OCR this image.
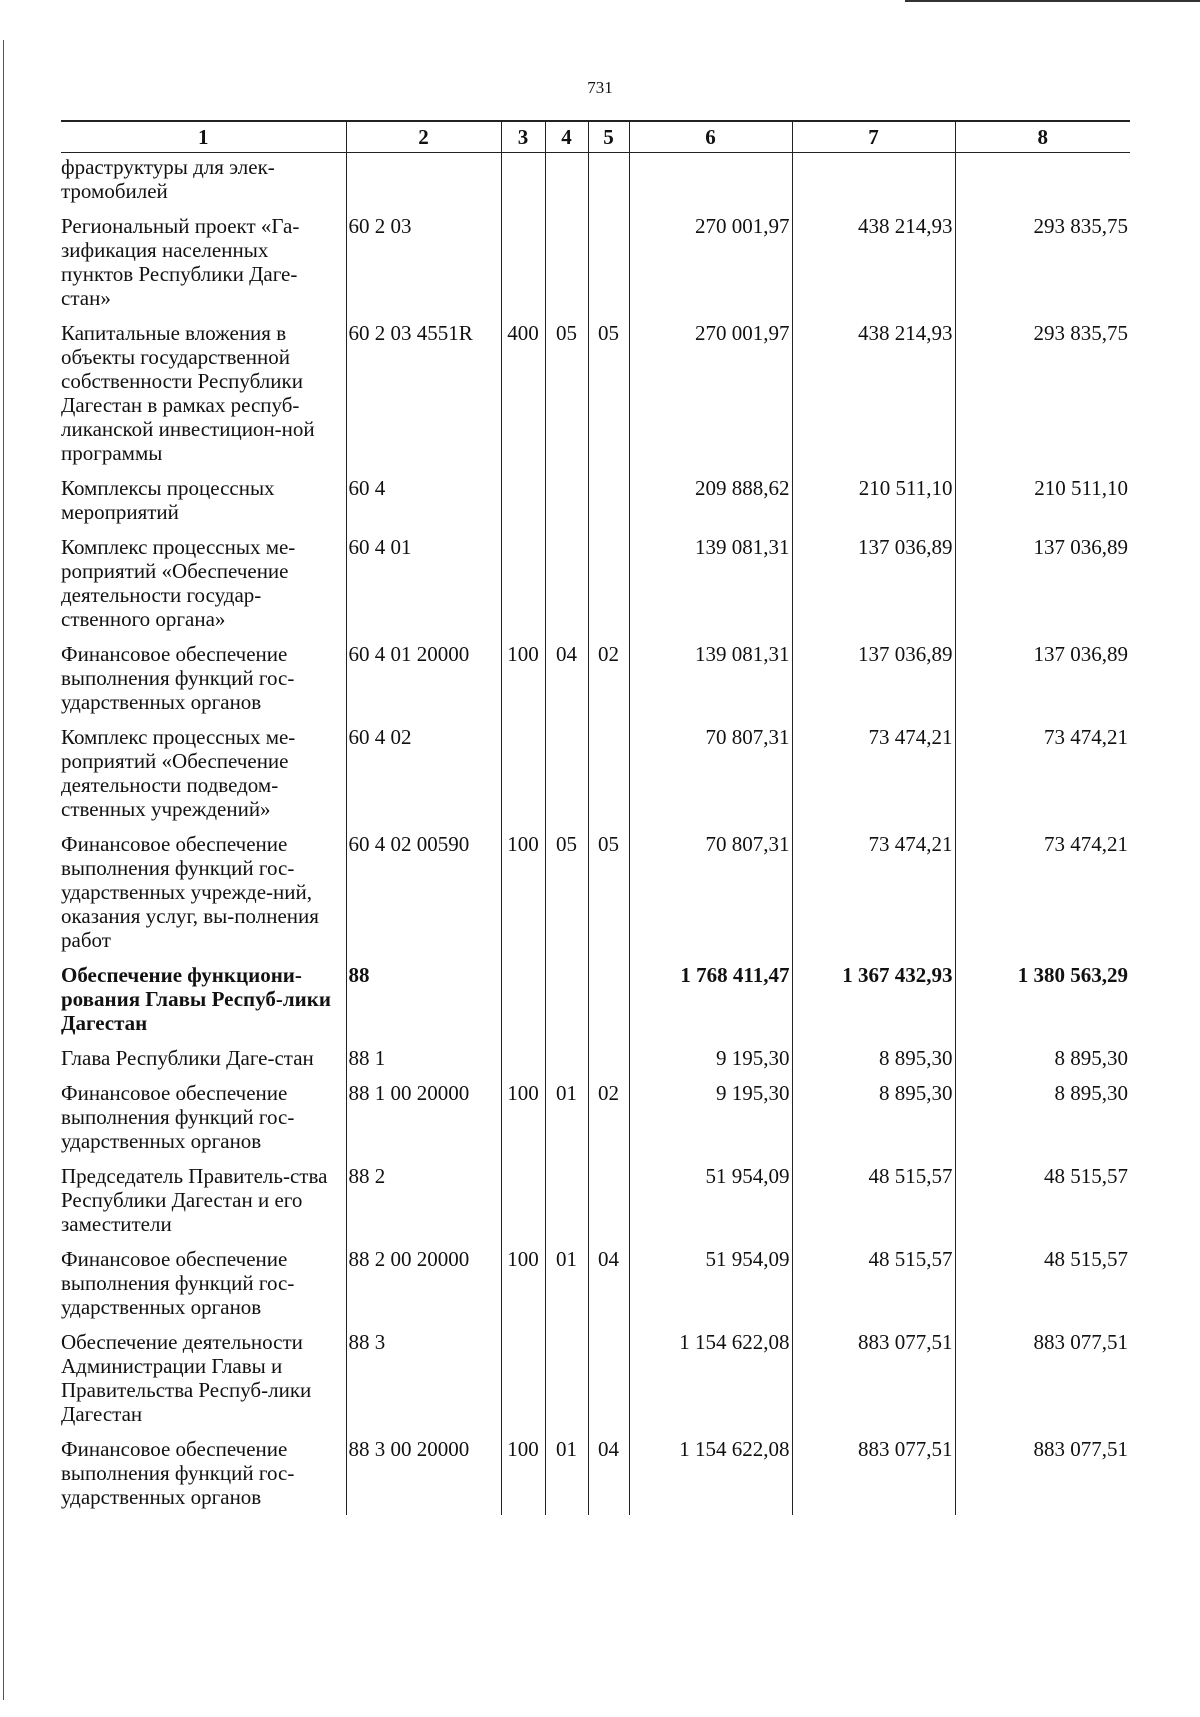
731
1	2	3	4	5	6	7	8
фраструктуры для элек-тромобилей							
Региональный проект «Га-зификация населенных пунктов Республики Даге-стан»	60 2 03				270 001,97	438 214,93	293 835,75
Капитальные вложения в объекты государственной собственности Республики Дагестан в рамках респуб-ликанской инвестицион-ной программы	60 2 03 4551R	400	05	05	270 001,97	438 214,93	293 835,75
Комплексы процессных мероприятий	60 4				209 888,62	210 511,10	210 511,10
Комплекс процессных ме-роприятий «Обеспечение деятельности государ-ственного органа»	60 4 01				139 081,31	137 036,89	137 036,89
Финансовое обеспечение выполнения функций гос-ударственных органов	60 4 01 20000	100	04	02	139 081,31	137 036,89	137 036,89
Комплекс процессных ме-роприятий «Обеспечение деятельности подведом-ственных учреждений»	60 4 02				70 807,31	73 474,21	73 474,21
Финансовое обеспечение выполнения функций гос-ударственных учрежде-ний, оказания услуг, вы-полнения работ	60 4 02 00590	100	05	05	70 807,31	73 474,21	73 474,21
Обеспечение функциони-рования Главы Респуб-лики Дагестан	88				1 768 411,47	1 367 432,93	1 380 563,29
Глава Республики Даге-стан	88 1				9 195,30	8 895,30	8 895,30
Финансовое обеспечение выполнения функций гос-ударственных органов	88 1 00 20000	100	01	02	9 195,30	8 895,30	8 895,30
Председатель Правитель-ства Республики Дагестан и его заместители	88 2				51 954,09	48 515,57	48 515,57
Финансовое обеспечение выполнения функций гос-ударственных органов	88 2 00 20000	100	01	04	51 954,09	48 515,57	48 515,57
Обеспечение деятельности Администрации Главы и Правительства Респуб-лики Дагестан	88 3				1 154 622,08	883 077,51	883 077,51
Финансовое обеспечение выполнения функций гос-ударственных органов	88 3 00 20000	100	01	04	1 154 622,08	883 077,51	883 077,51
